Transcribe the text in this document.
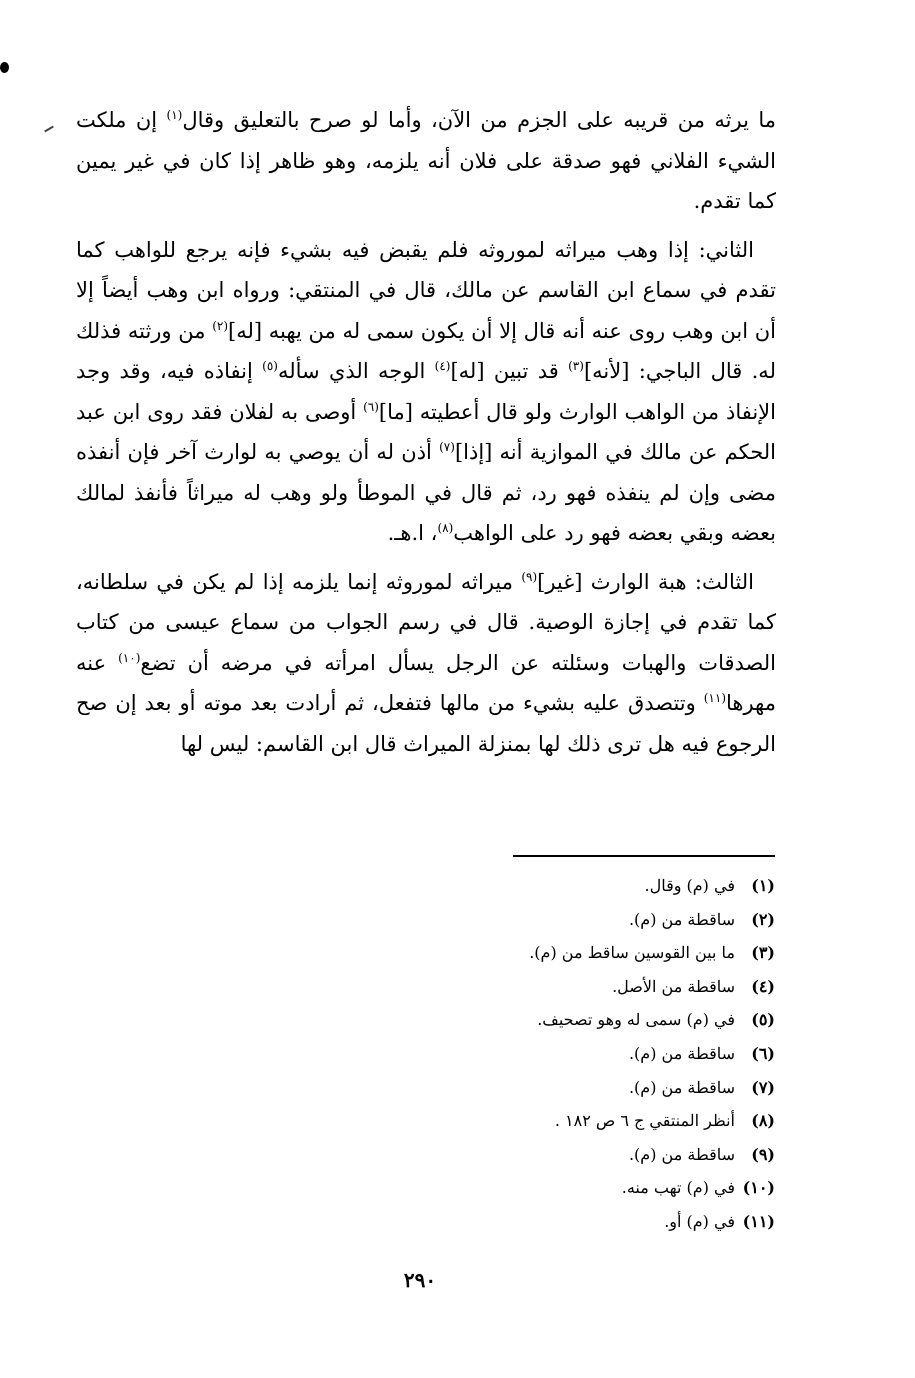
ما يرثه من قريبه على الجزم من الآن، وأما لو صرح بالتعليق وقال$^{(١)}$ إن ملكت الشيء الفلاني فهو صدقة على فلان أنه يلزمه، وهو ظاهر إذا كان في غير يمين كما تقدم.

الثاني: إذا وهب ميراثه لموروثه فلم يقبض فيه بشيء فإنه يرجع للواهب كما تقدم في سماع ابن القاسم عن مالك، قال في المنتقي: ورواه ابن وهب أيضاً إلا أن ابن وهب روى عنه أنه قال إلا أن يكون سمى له من يهبه [له]$^{(٢)}$ من ورثته فذلك له. قال الباجي: [لأنه]$^{(٣)}$ قد تبين [له]$^{(٤)}$ الوجه الذي سأله$^{(٥)}$ إنفاذه فيه، وقد وجد الإنفاذ من الواهب الوارث ولو قال أعطيته [ما]$^{(٦)}$ أوصى به لفلان فقد روى ابن عبد الحكم عن مالك في الموازية أنه [إذا]$^{(٧)}$ أذن له أن يوصي به لوارث آخر فإن أنفذه مضى وإن لم ينفذه فهو رد، ثم قال في الموطأ ولو وهب له ميراثاً فأنفذ لمالك بعضه وبقي بعضه فهو رد على الواهب$^{(٨)}$، ا.هـ.

الثالث: هبة الوارث [غير]$^{(٩)}$ ميراثه لموروثه إنما يلزمه إذا لم يكن في سلطانه، كما تقدم في إجازة الوصية. قال في رسم الجواب من سماع عيسى من كتاب الصدقات والهبات وسئلته عن الرجل يسأل امرأته في مرضه أن تضع$^{(١٠)}$ عنه مهرها$^{(١١)}$ وتتصدق عليه بشيء من مالها فتفعل، ثم أرادت بعد موته أو بعد إن صح الرجوع فيه هل ترى ذلك لها بمنزلة الميراث قال ابن القاسم: ليس لها

(١)
في (م) وقال.
(٢)
ساقطة من (م).
(٣)
ما بين القوسين ساقط من (م).
(٤)
ساقطة من الأصل.
(٥)
في (م) سمى له وهو تصحيف.
(٦)
ساقطة من (م).
(٧)
ساقطة من (م).
(٨)
أنظر المنتقي ج ٦ ص ١٨٢ .
(٩)
ساقطة من (م).
(١٠)
في (م) تهب منه.
(١١)
في (م) أو.
٢٩٠
